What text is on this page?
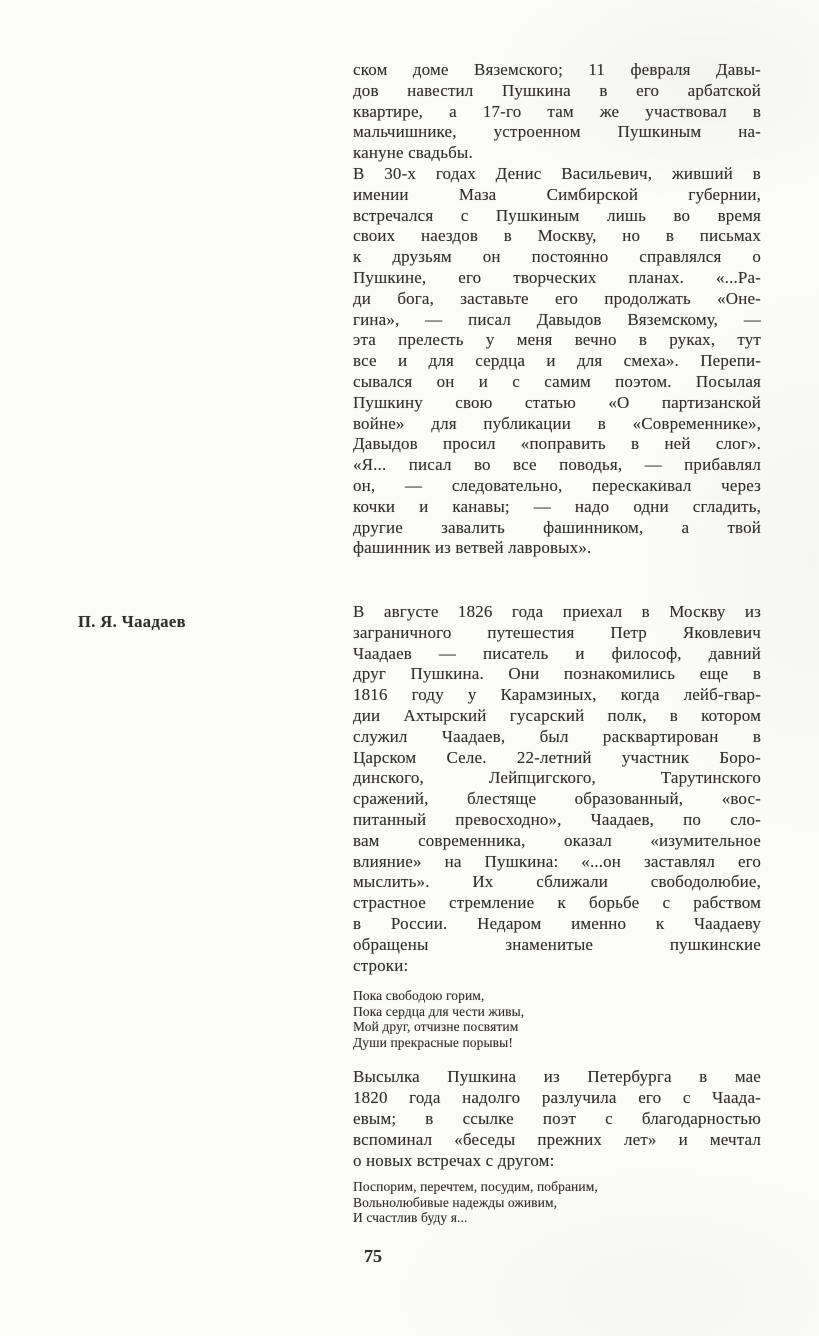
ском доме Вяземского; 11 февраля Давы-
дов навестил Пушкина в его арбатской
квартире, а 17-го там же участвовал в
мальчишнике, устроенном Пушкиным на-
кануне свадьбы.
В 30-х годах Денис Васильевич, живший в
имении Маза Симбирской губернии,
встречался с Пушкиным лишь во время
своих наездов в Москву, но в письмах
к друзьям он постоянно справлялся о
Пушкине, его творческих планах. «...Ра-
ди бога, заставьте его продолжать «Оне-
гина», — писал Давыдов Вяземскому, —
эта прелесть у меня вечно в руках, тут
все и для сердца и для смеха». Перепи-
сывался он и с самим поэтом. Посылая
Пушкину свою статью «О партизанской
войне» для публикации в «Современнике»,
Давыдов просил «поправить в ней слог».
«Я... писал во все поводья, — прибавлял
он, — следовательно, перескакивал через
кочки и канавы; — надо одни сгладить,
другие завалить фашинником, а твой
фашинник из ветвей лавровых».
П. Я. Чаадаев
В августе 1826 года приехал в Москву из
заграничного путешестия Петр Яковлевич
Чаадаев — писатель и философ, давний
друг Пушкина. Они познакомились еще в
1816 году у Карамзиных, когда лейб-гвар-
дии Ахтырский гусарский полк, в котором
служил Чаадаев, был расквартирован в
Царском Селе. 22-летний участник Боро-
динского, Лейпцигского, Тарутинского
сражений, блестяще образованный, «вос-
питанный превосходно», Чаадаев, по сло-
вам современника, оказал «изумительное
влияние» на Пушкина: «...он заставлял его
мыслить». Их сближали свободолюбие,
страстное стремление к борьбе с рабством
в России. Недаром именно к Чаадаеву
обращены знаменитые пушкинские
строки:
Пока свободою горим,
Пока сердца для чести живы,
Мой друг, отчизне посвятим
Души прекрасные порывы!
Высылка Пушкина из Петербурга в мае
1820 года надолго разлучила его с Чаада-
евым; в ссылке поэт с благодарностью
вспоминал «беседы прежних лет» и мечтал
о новых встречах с другом:
Поспорим, перечтем, посудим, побраним,
Вольнолюбивые надежды оживим,
И счастлив буду я...
75
